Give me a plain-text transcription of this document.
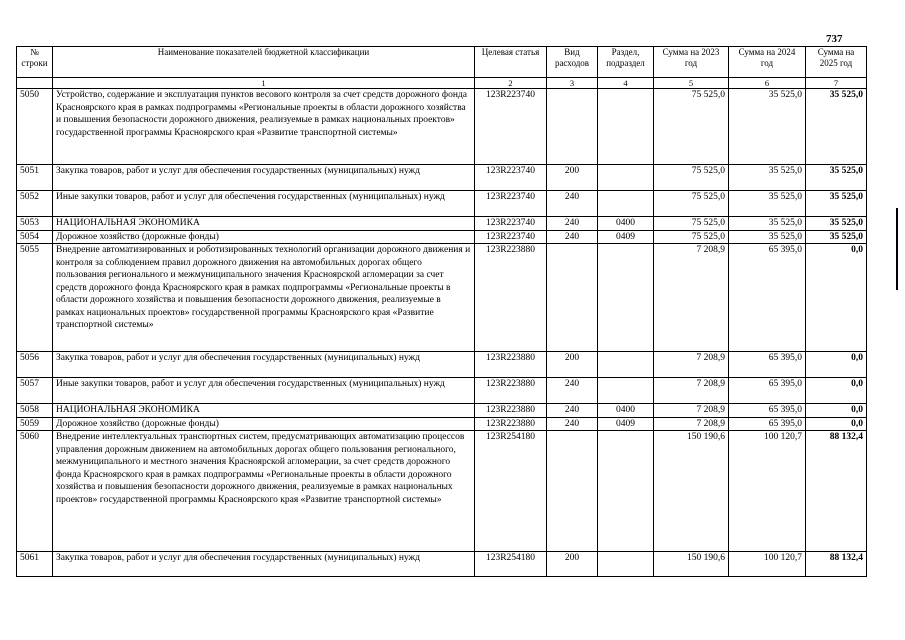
737
№ строки	Наименование показателей бюджетной классификации	Целевая статья	Вид расходов	Раздел, подраздел	Сумма на 2023 год	Сумма на 2024 год	Сумма на 2025 год
	1	2	3	4	5	6	7
5050	Устройство, содержание и эксплуатация пунктов весового контроля за счет средств дорожного фонда Красноярского края в рамках подпрограммы «Региональные проекты в области дорожного хозяйства и повышения безопасности дорожного движения, реализуемые в рамках национальных проектов» государственной программы Красноярского края «Развитие транспортной системы»	123R223740			75 525,0	35 525,0	35 525,0
5051	Закупка товаров, работ и услуг для обеспечения государственных (муниципальных) нужд	123R223740	200		75 525,0	35 525,0	35 525,0
5052	Иные закупки товаров, работ и услуг для обеспечения государственных (муниципальных) нужд	123R223740	240		75 525,0	35 525,0	35 525,0
5053	НАЦИОНАЛЬНАЯ ЭКОНОМИКА	123R223740	240	0400	75 525,0	35 525,0	35 525,0
5054	Дорожное хозяйство (дорожные фонды)	123R223740	240	0409	75 525,0	35 525,0	35 525,0
5055	Внедрение автоматизированных и роботизированных технологий организации дорожного движения и контроля за соблюдением правил дорожного движения на автомобильных дорогах общего пользования регионального и межмуниципального значения Красноярской агломерации за счет средств дорожного фонда Красноярского края в рамках подпрограммы «Региональные проекты в области дорожного хозяйства и повышения безопасности дорожного движения, реализуемые в рамках национальных проектов» государственной программы Красноярского края «Развитие транспортной системы»	123R223880			7 208,9	65 395,0	0,0
5056	Закупка товаров, работ и услуг для обеспечения государственных (муниципальных) нужд	123R223880	200		7 208,9	65 395,0	0,0
5057	Иные закупки товаров, работ и услуг для обеспечения государственных (муниципальных) нужд	123R223880	240		7 208,9	65 395,0	0,0
5058	НАЦИОНАЛЬНАЯ ЭКОНОМИКА	123R223880	240	0400	7 208,9	65 395,0	0,0
5059	Дорожное хозяйство (дорожные фонды)	123R223880	240	0409	7 208,9	65 395,0	0,0
5060	Внедрение интеллектуальных транспортных систем, предусматривающих автоматизацию процессов управления дорожным движением на автомобильных дорогах общего пользования регионального, межмуниципального и местного значения Красноярской агломерации, за счет средств дорожного фонда Красноярского края в рамках подпрограммы «Региональные проекты в области дорожного хозяйства и повышения безопасности дорожного движения, реализуемые в рамках национальных проектов» государственной программы Красноярского края «Развитие транспортной системы»	123R254180			150 190,6	100 120,7	88 132,4
5061	Закупка товаров, работ и услуг для обеспечения государственных (муниципальных) нужд	123R254180	200		150 190,6	100 120,7	88 132,4
